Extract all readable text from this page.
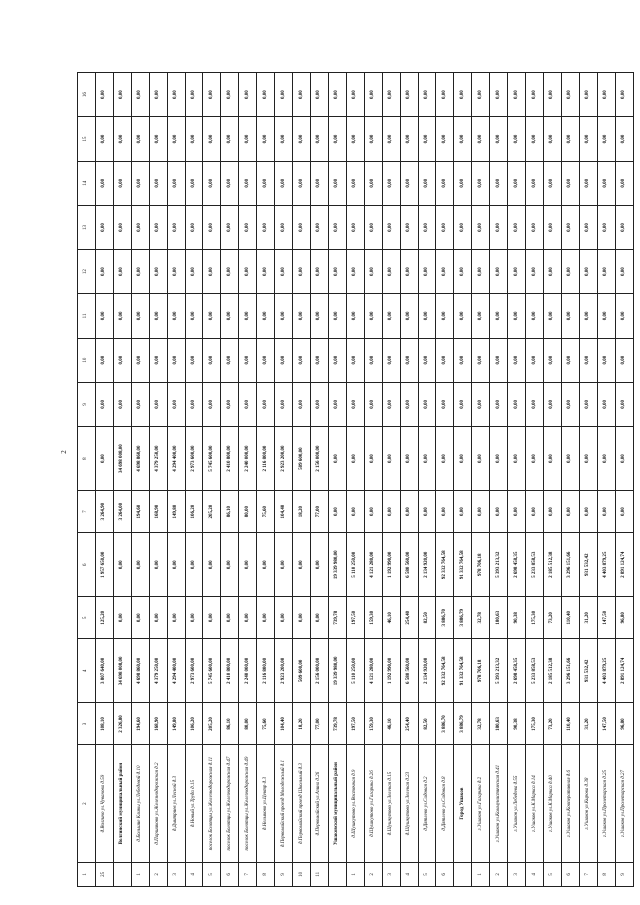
2
1	2	3	4	5	6	7	8	9	10	11	12	13	14	15	16
25	д.Волгино ул.Чуванова д.59	108,10	3 807 640,00	125,20	1 957 650,00	3 264,90	0,00	0,00	0,00	0,00	0,00	0,00	0,00	0,00	0,00
	Волгинский муниципальный район	2 326,80	34 698 008,00	0,00	0,00	3 264,00	34 698 008,00	0,00	0,00	0,00	0,00	0,00	0,00	0,00	0,00
1	д.Большие Клины ул.Лебедевой д.10	194,60	4 698 860,00	0,00	0,00	194,60	4 698 860,00	0,00	0,00	0,00	0,00	0,00	0,00	0,00	0,00
2	д.Паршиково ул.Железнодорожная д.2	168,90	4 379 250,00	0,00	0,00	168,90	4 379 250,00	0,00	0,00	0,00	0,00	0,00	0,00	0,00	0,00
3	д.Дмитриев ул.Лесной д.3	149,80	4 294 400,00	0,00	0,00	149,80	4 294 400,00	0,00	0,00	0,00	0,00	0,00	0,00	0,00	0,00
4	д.Новый ул.Труда д.15	106,20	2 973 600,00	0,00	0,00	106,20	2 973 600,00	0,00	0,00	0,00	0,00	0,00	0,00	0,00	0,00
5	поселок Болотцы ул.Железнодорожная д.11	205,20	5 745 600,00	0,00	0,00	205,20	5 745 600,00	0,00	0,00	0,00	0,00	0,00	0,00	0,00	0,00
6	поселок Болотцы ул.Железнодорожная д.47	86,10	2 410 800,00	0,00	0,00	86,10	2 410 800,00	0,00	0,00	0,00	0,00	0,00	0,00	0,00	0,00
7	поселок Болотцы ул.Железнодорожная д.49	80,00	2 240 000,00	0,00	0,00	80,00	2 240 000,00	0,00	0,00	0,00	0,00	0,00	0,00	0,00	0,00
8	д.Нелыково ул.Центр д.3	75,60	2 116 800,00	0,00	0,00	75,60	2 116 800,00	0,00	0,00	0,00	0,00	0,00	0,00	0,00	0,00
9	д.Первомайский проезд Молодежный д.1	104,40	2 923 200,00	0,00	0,00	104,40	2 923 200,00	0,00	0,00	0,00	0,00	0,00	0,00	0,00	0,00
10	д.Первомайский проезд Школьный д.3	18,20	509 600,00	0,00	0,00	18,20	509 600,00	0,00	0,00	0,00	0,00	0,00	0,00	0,00	0,00
11	д.Первомайский ул.Азина д.26	77,00	2 156 000,00	0,00	0,00	77,00	2 156 000,00	0,00	0,00	0,00	0,00	0,00	0,00	0,00	0,00
	Ушаковский муниципальный район	739,78	19 339 980,00	739,78	19 339 980,00	0,00	0,00	0,00	0,00	0,00	0,00	0,00	0,00	0,00	0,00
1	д.Шушкутово ул.Восточная д.9	197,50	5 110 250,00	197,50	5 110 250,00	0,00	0,00	0,00	0,00	0,00	0,00	0,00	0,00	0,00	0,00
2	д.Шушкутово ул.Гагарина д.26	159,30	4 121 280,00	159,30	4 121 280,00	0,00	0,00	0,00	0,00	0,00	0,00	0,00	0,00	0,00	0,00
3	д.Шушкутово ул.Зеленая д.15	46,10	1 192 990,00	46,10	1 192 990,00	0,00	0,00	0,00	0,00	0,00	0,00	0,00	0,00	0,00	0,00
4	д.Шушкутово ул.Зеленая д.23	254,40	6 580 560,00	254,40	6 580 560,00	0,00	0,00	0,00	0,00	0,00	0,00	0,00	0,00	0,00	0,00
5	д.Дятлево ул.Садовая д.2	82,50	2 134 920,00	82,50	2 134 920,00	0,00	0,00	0,00	0,00	0,00	0,00	0,00	0,00	0,00	0,00
6	д.Дятлево ул.Садовая д.8	3 886,70	92 332 764,58	3 886,70	92 332 764,58	0,00	0,00	0,00	0,00	0,00	0,00	0,00	0,00	0,00	0,00
	Город Ушаков	3 886,79	91 332 764,58	3 886,79	91 332 764,58	0,00	0,00	0,00	0,00	0,00	0,00	0,00	0,00	0,00	0,00
1	г.Ушаков ул.Гагарина д.2	32,78	978 706,18	32,78	978 706,18	0,00	0,00	0,00	0,00	0,00	0,00	0,00	0,00	0,00	0,00
2	г.Ушаков ул.Коммунистическая д.41	180,63	5 393 213,32	180,63	5 393 213,32	0,00	0,00	0,00	0,00	0,00	0,00	0,00	0,00	0,00	0,00
3	г.Ушаков ул.Лебедева д.55	90,38	2 698 458,35	90,38	2 698 458,35	0,00	0,00	0,00	0,00	0,00	0,00	0,00	0,00	0,00	0,00
4	г.Ушаков ул.К.Маркса д.14	175,30	5 233 858,53	175,30	5 233 858,53	0,00	0,00	0,00	0,00	0,00	0,00	0,00	0,00	0,00	0,00
5	г.Ушаков ул.К.Маркса д.40	73,20	2 185 512,38	73,20	2 185 512,38	0,00	0,00	0,00	0,00	0,00	0,00	0,00	0,00	0,00	0,00
6	г.Ушаков ул.Кооперативная д.6	110,40	3 296 151,66	110,40	3 296 151,66	0,00	0,00	0,00	0,00	0,00	0,00	0,00	0,00	0,00	0,00
7	г.Ушаков ул.Кирова д.38	31,20	931 532,42	31,20	931 532,42	0,00	0,00	0,00	0,00	0,00	0,00	0,00	0,00	0,00	0,00
8	г.Ушаков ул.Пролетарская д.25	147,50	4 403 879,25	147,50	4 403 879,25	0,00	0,00	0,00	0,00	0,00	0,00	0,00	0,00	0,00	0,00
9	г.Ушаков ул.Пролетарская д.27	96,80	2 891 124,74	96,80	2 891 124,74	0,00	0,00	0,00	0,00	0,00	0,00	0,00	0,00	0,00	0,00
